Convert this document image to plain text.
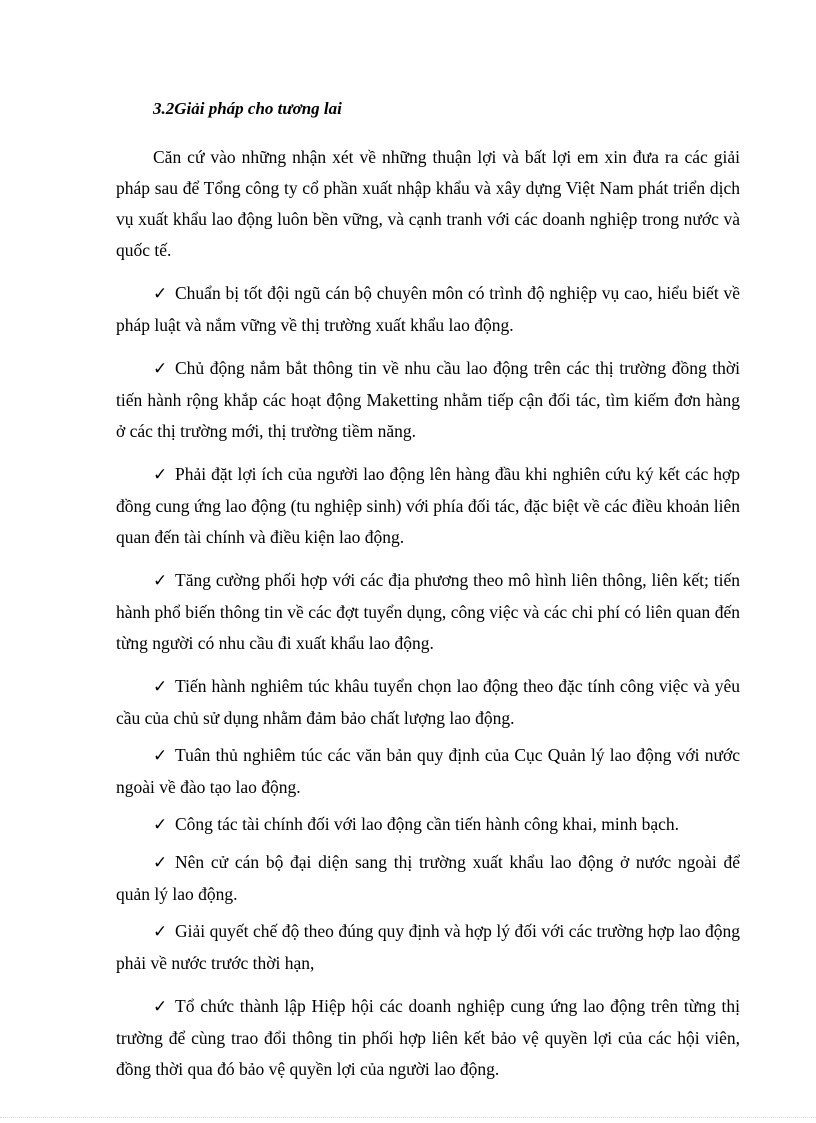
3.2Giải pháp cho tương lai

Căn cứ vào những nhận xét về những thuận lợi và bất lợi em xin đưa ra các giải pháp sau để Tổng công ty cổ phần xuất nhập khẩu và xây dựng Việt Nam phát triển dịch vụ xuất khẩu lao động luôn bền vững, và cạnh tranh với các doanh nghiệp trong nước và quốc tế.

✓ Chuẩn bị tốt đội ngũ cán bộ chuyên môn có trình độ nghiệp vụ cao, hiểu biết về pháp luật và nắm vững về thị trường xuất khẩu lao động.

✓ Chủ động nắm bắt thông tin về nhu cầu lao động trên các thị trường đồng thời tiến hành rộng khắp các hoạt động Maketting nhằm tiếp cận đối tác, tìm kiếm đơn hàng ở các thị trường mới, thị trường tiềm năng.

✓ Phải đặt lợi ích của người lao động lên hàng đầu khi nghiên cứu ký kết các hợp đồng cung ứng lao động (tu nghiệp sinh) với phía đối tác, đặc biệt về các điều khoản liên quan đến tài chính và điều kiện lao động.

✓ Tăng cường phối hợp với các địa phương theo mô hình liên thông, liên kết; tiến hành phổ biến thông tin về các đợt tuyển dụng, công việc và các chi phí có liên quan đến từng người có nhu cầu đi xuất khẩu lao động.

✓ Tiến hành nghiêm túc khâu tuyển chọn lao động theo đặc tính công việc và yêu cầu của chủ sử dụng nhằm đảm bảo chất lượng lao động.

✓ Tuân thủ nghiêm túc các văn bản quy định của Cục Quản lý lao động với nước ngoài về đào tạo lao động.

✓ Công tác tài chính đối với lao động cần tiến hành công khai, minh bạch.

✓ Nên cử cán bộ đại diện sang thị trường xuất khẩu lao động ở nước ngoài để quản lý lao động.

✓ Giải quyết chế độ theo đúng quy định và hợp lý đối với các trường hợp lao động phải về nước trước thời hạn,

✓ Tổ chức thành lập Hiệp hội các doanh nghiệp cung ứng lao động trên từng thị trường để cùng trao đổi thông tin phối hợp liên kết bảo vệ quyền lợi của các hội viên, đồng thời qua đó bảo vệ quyền lợi của người lao động.
